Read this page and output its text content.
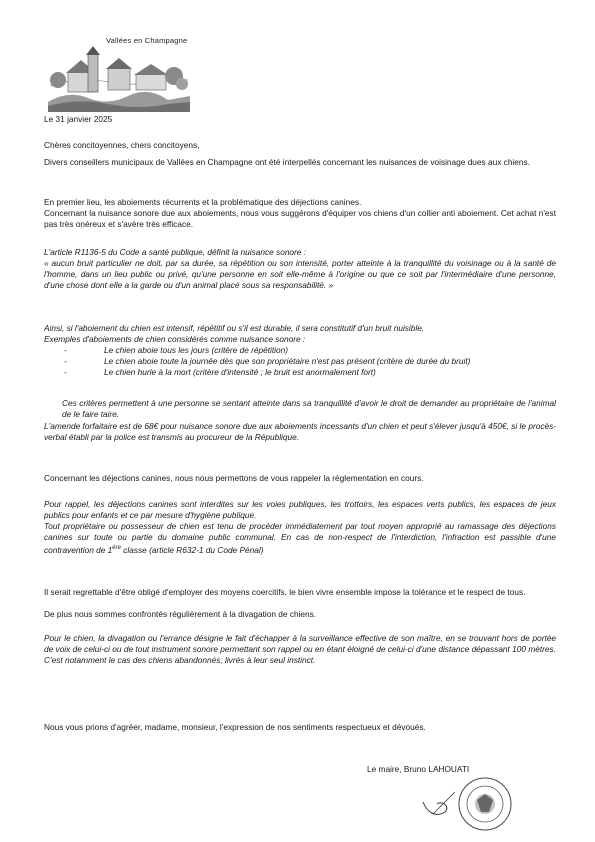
Vallées en Champagne
Le 31 janvier 2025
Chères concitoyennes, chers concitoyens,
Divers conseillers municipaux de Vallées en Champagne ont été interpellés concernant les nuisances de voisinage dues aux chiens.
En premier lieu, les aboiements récurrents et la problématique des déjections canines.
Concernant la nuisance sonore due aux aboiements, nous vous suggérons d'équiper vos chiens d'un collier anti aboiement. Cet achat n'est pas très onéreux et s'avère très efficace.
L'article R1136-5 du Code a santé publique, définit la nuisance sonore :
« aucun bruit particulier ne doit, par sa durée, sa répétition ou son intensité, porter atteinte à la tranquillité du voisinage ou à la santé de l'homme, dans un lieu public ou privé, qu'une personne en soit elle-même à l'origine ou que ce soit par l'intermédiaire d'une personne, d'une chose dont elle a la garde ou d'un animal placé sous sa responsabilité. »
Ainsi, si l'aboiement du chien est intensif, répétitif ou s'il est durable, il sera constitutif d'un bruit nuisible.
Exemples d'aboiements de chien considérés comme nuisance sonore :
-	Le chien aboie tous les jours (critère de répétition)
-	Le chien aboie toute la journée dès que son propriétaire n'est pas présent (critère de durée du bruit)
-	Le chien hurle à la mort (critère d'intensité ; le bruit est anormalement fort)
Ces critères permettent à une personne se sentant atteinte dans sa tranquillité d'avoir le droit de demander au propriétaire de l'animal de le faire taire.
L'amende forfaitaire est de 68€ pour nuisance sonore due aux aboiements incessants d'un chien et peut s'élever jusqu'à 450€, si le procès-verbal établi par la police est transmis au procureur de la République.
Concernant les déjections canines, nous nous permettons de vous rappeler la réglementation en cours.
Pour rappel, les déjections canines sont interdites sur les voies publiques, les trottoirs, les espaces verts publics, les espaces de jeux publics pour enfants et ce par mesure d'hygiène publique.
Tout propriétaire ou possesseur de chien est tenu de procéder immédiatement par tout moyen approprié au ramassage des déjections canines sur toute ou partie du domaine public communal. En cas de non-respect de l'interdiction, l'infraction est passible d'une contravention de 1ère classe (article R632-1 du Code Pénal)
Il serait regrettable d'être obligé d'employer des moyens coercitifs, le bien vivre ensemble impose la tolérance et le respect de tous.
De plus nous sommes confrontés régulièrement à la divagation de chiens.
Pour le chien, la divagation ou l'errance désigne le fait d'échapper à la surveillance effective de son maître, en se trouvant hors de portée de voix de celui-ci ou de tout instrument sonore permettant son rappel ou en étant éloigné de celui-ci d'une distance dépassant 100 mètres. C'est notamment le cas des chiens abandonnés, livrés à leur seul instinct.
Nous vous prions d'agréer, madame, monsieur, l'expression de nos sentiments respectueux et dévoués.
Le maire, Bruno LAHOUATI
